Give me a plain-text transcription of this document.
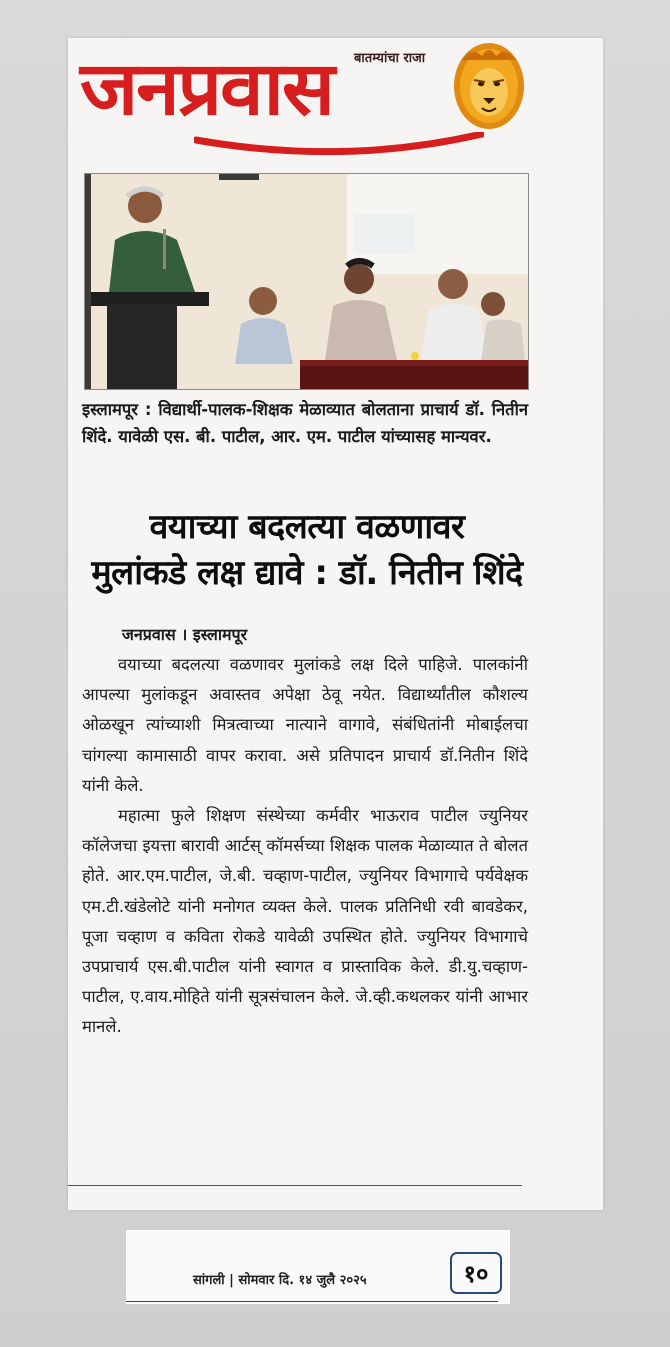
बातम्यांचा राजा
जनप्रवास
इस्लामपूर : विद्यार्थी-पालक-शिक्षक मेळाव्यात बोलताना प्राचार्य डॉ. नितीन शिंदे. यावेळी एस. बी. पाटील, आर. एम. पाटील यांच्यासह मान्यवर.
वयाच्या बदलत्या वळणावर
मुलांकडे लक्ष द्यावे : डॉ. नितीन शिंदे
जनप्रवास । इस्लामपूर

वयाच्या बदलत्या वळणावर मुलांकडे लक्ष दिले पाहिजे. पालकांनी आपल्या मुलांकडून अवास्तव अपेक्षा ठेवू नयेत. विद्यार्थ्यांतील कौशल्य ओळखून त्यांच्याशी मित्रत्वाच्या नात्याने वागावे, संबंधितांनी मोबाईलचा चांगल्या कामासाठी वापर करावा. असे प्रतिपादन प्राचार्य डॉ.नितीन शिंदे यांनी केले.

महात्मा फुले शिक्षण संस्थेच्या कर्मवीर भाऊराव पाटील ज्युनियर कॉलेजचा इयत्ता बारावी आर्टस् कॉमर्सच्या शिक्षक पालक मेळाव्यात ते बोलत होते. आर.एम.पाटील, जे.बी. चव्हाण-पाटील, ज्युनियर विभागाचे पर्यवेक्षक एम.टी.खंडेलोटे यांनी मनोगत व्यक्त केले. पालक प्रतिनिधी रवी बावडेकर, पूजा चव्हाण व कविता रोकडे यावेळी उपस्थित होते. ज्युनियर विभागाचे उपप्राचार्य एस.बी.पाटील यांनी स्वागत व प्रास्ताविक केले. डी.यु.चव्हाण-पाटील, ए.वाय.मोहिते यांनी सूत्रसंचालन केले. जे.व्ही.कथलकर यांनी आभार मानले.

सांगली | सोमवार दि. १४ जुलै २०२५	१०
